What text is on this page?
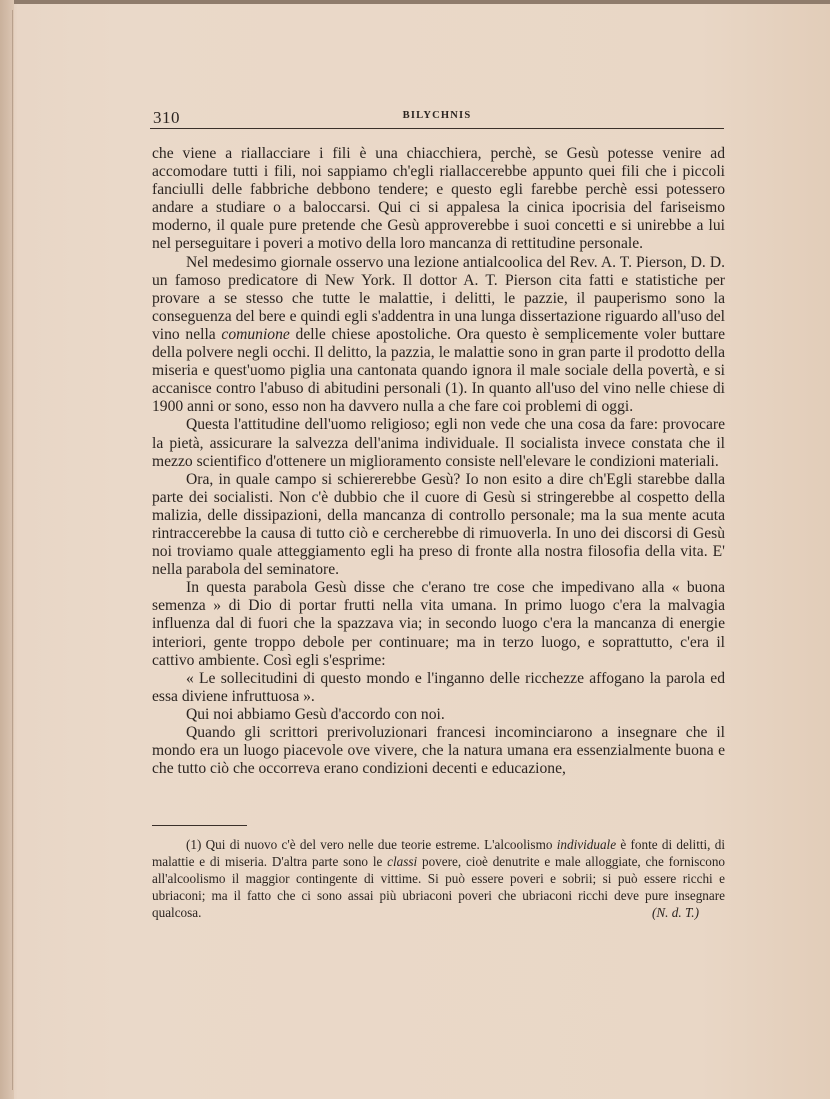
310	BILYCHNIS

che viene a riallacciare i fili è una chiacchiera, perchè, se Gesù potesse venire ad accomodare tutti i fili, noi sappiamo ch'egli riallaccerebbe appunto quei fili che i piccoli fanciulli delle fabbriche debbono tendere; e questo egli farebbe perchè essi potessero andare a studiare o a baloccarsi. Qui ci si appalesa la cinica ipocrisia del fariseismo moderno, il quale pure pretende che Gesù approverebbe i suoi concetti e si unirebbe a lui nel perseguitare i poveri a motivo della loro mancanza di rettitudine personale.

Nel medesimo giornale osservo una lezione antialcoolica del Rev. A. T. Pierson, D. D. un famoso predicatore di New York. Il dottor A. T. Pierson cita fatti e statistiche per provare a se stesso che tutte le malattie, i delitti, le pazzie, il pauperismo sono la conseguenza del bere e quindi egli s'addentra in una lunga dissertazione riguardo all'uso del vino nella comunione delle chiese apostoliche. Ora questo è semplicemente voler buttare della polvere negli occhi. Il delitto, la pazzia, le malattie sono in gran parte il prodotto della miseria e quest'uomo piglia una cantonata quando ignora il male sociale della povertà, e si accanisce contro l'abuso di abitudini personali (1). In quanto all'uso del vino nelle chiese di 1900 anni or sono, esso non ha davvero nulla a che fare coi problemi di oggi.

Questa l'attitudine dell'uomo religioso; egli non vede che una cosa da fare: provocare la pietà, assicurare la salvezza dell'anima individuale. Il socialista invece constata che il mezzo scientifico d'ottenere un miglioramento consiste nell'elevare le condizioni materiali.

Ora, in quale campo si schiererebbe Gesù? Io non esito a dire ch'Egli starebbe dalla parte dei socialisti. Non c'è dubbio che il cuore di Gesù si stringerebbe al cospetto della malizia, delle dissipazioni, della mancanza di controllo personale; ma la sua mente acuta rintraccerebbe la causa di tutto ciò e cercherebbe di rimuoverla. In uno dei discorsi di Gesù noi troviamo quale atteggiamento egli ha preso di fronte alla nostra filosofia della vita. E' nella parabola del seminatore.

In questa parabola Gesù disse che c'erano tre cose che impedivano alla « buona semenza » di Dio di portar frutti nella vita umana. In primo luogo c'era la malvagia influenza dal di fuori che la spazzava via; in secondo luogo c'era la mancanza di energie interiori, gente troppo debole per continuare; ma in terzo luogo, e soprattutto, c'era il cattivo ambiente. Così egli s'esprime:

« Le sollecitudini di questo mondo e l'inganno delle ricchezze affogano la parola ed essa diviene infruttuosa ».

Qui noi abbiamo Gesù d'accordo con noi.

Quando gli scrittori prerivoluzionari francesi incominciarono a insegnare che il mondo era un luogo piacevole ove vivere, che la natura umana era essenzialmente buona e che tutto ciò che occorreva erano condizioni decenti e educazione,

(1) Qui di nuovo c'è del vero nelle due teorie estreme. L'alcoolismo individuale è fonte di delitti, di malattie e di miseria. D'altra parte sono le classi povere, cioè denutrite e male alloggiate, che forniscono all'alcoolismo il maggior contingente di vittime. Si può essere poveri e sobrii; si può essere ricchi e ubriaconi; ma il fatto che ci sono assai più ubriaconi poveri che ubriaconi ricchi deve pure insegnare qualcosa.	(N. d. T.)
